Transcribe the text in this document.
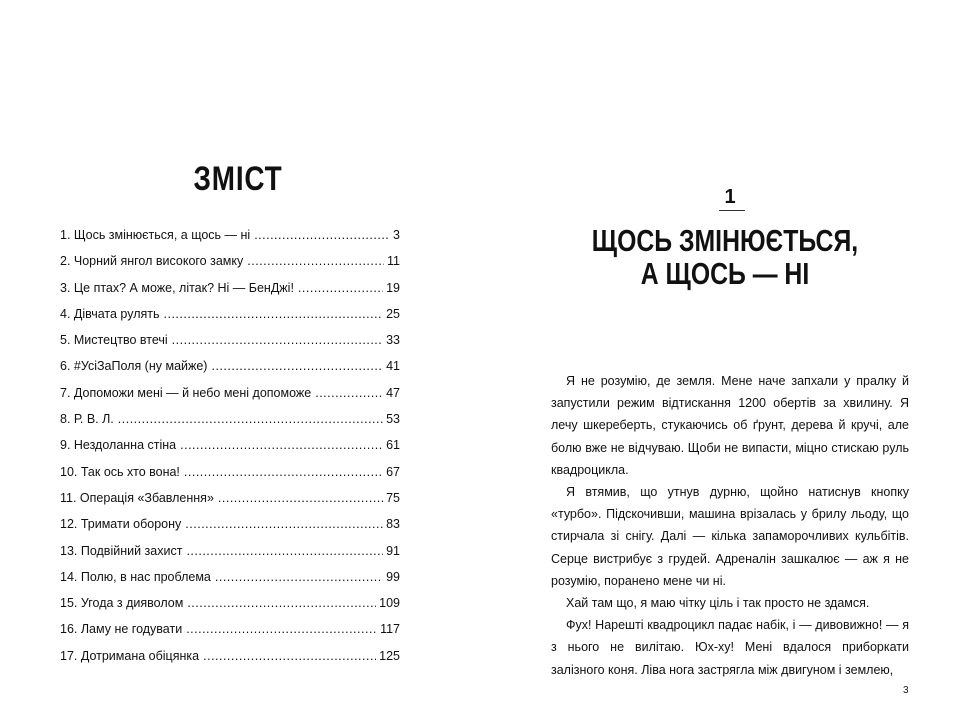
ЗМІСТ
1. Щось змінюється, а щось — ні .....	3
2. Чорний янгол високого замку .....	11
3. Це птах? А може, літак? Ні — БенДжі! .....	19
4. Дівчата рулять .....	25
5. Мистецтво втечі .....	33
6. #УсіЗаПоля (ну майже) .....	41
7. Допоможи мені — й небо мені допоможе .....	47
8. Р. В. Л. .....	53
9. Нездоланна стіна .....	61
10. Так ось хто вона! .....	67
11. Операція «Збавлення» .....	75
12. Тримати оборону .....	83
13. Подвійний захист .....	91
14. Полю, в нас проблема .....	99
15. Угода з дияволом .....	109
16. Ламу не годувати .....	117
17. Дотримана обіцянка .....	125
1
ЩОСЬ ЗМІНЮЄТЬСЯ,
А ЩОСЬ — НІ

Я не розумію, де земля. Мене наче запхали у пралку й запустили режим відтискання 1200 обертів за хвилину. Я лечу шкереберть, стукаючись об ґрунт, дерева й кручі, але болю вже не відчуваю. Щоби не випасти, міцно стискаю руль квадроцикла.

Я втямив, що утнув дурню, щойно натиснув кнопку «турбо». Підскочивши, машина врізалась у брилу льоду, що стирчала зі снігу. Далі — кілька запаморочливих кульбітів. Серце вистрибує з грудей. Адреналін зашкалює — аж я не розумію, поранено мене чи ні.

Хай там що, я маю чітку ціль і так просто не здамся.

Фух! Нарешті квадроцикл падає набік, і — дивовижно! — я з нього не вилітаю. Юх-ху! Мені вдалося приборкати залізного коня. Ліва нога застрягла між двигуном і землею,

3
